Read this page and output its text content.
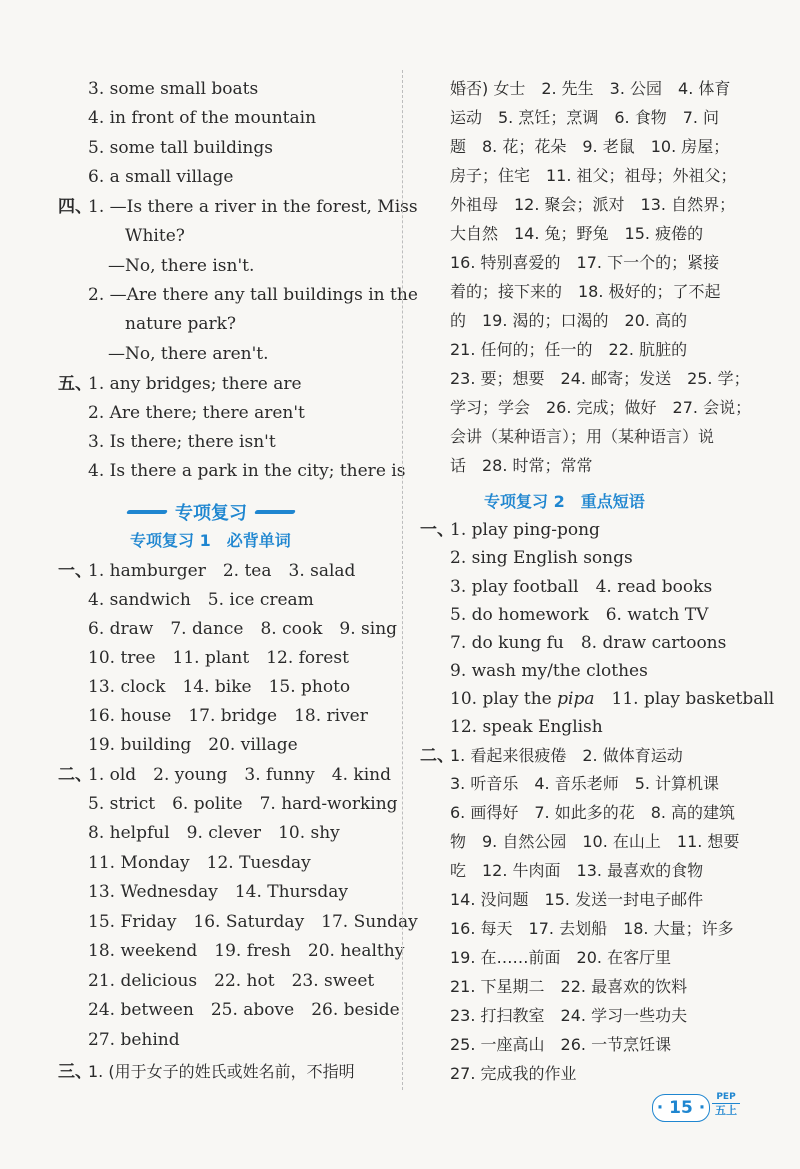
3. some small boats
4. in front of the mountain
5. some tall buildings
6. a small village
四、
1. —Is there a river in the forest, Miss
White?
—No, there isn't.
2. —Are there any tall buildings in the
nature park?
—No, there aren't.
五、
1. any bridges; there are
2. Are there; there aren't
3. Is there; there isn't
4. Is there a park in the city; there is
专项复习
专项复习 1　必背单词
一、
1. hamburger　2. tea　3. salad
4. sandwich　5. ice cream
6. draw　7. dance　8. cook　9. sing
10. tree　11. plant　12. forest
13. clock　14. bike　15. photo
16. house　17. bridge　18. river
19. building　20. village
二、
1. old　2. young　3. funny　4. kind
5. strict　6. polite　7. hard-working
8. helpful　9. clever　10. shy
11. Monday　12. Tuesday
13. Wednesday　14. Thursday
15. Friday　16. Saturday　17. Sunday
18. weekend　19. fresh　20. healthy
21. delicious　22. hot　23. sweet
24. between　25. above　26. beside
27. behind
三、
1. (用于女子的姓氏或姓名前，不指明
婚否) 女士　2. 先生　3. 公园　4. 体育
运动　5. 烹饪；烹调　6. 食物　7. 问
题　8. 花；花朵　9. 老鼠　10. 房屋；
房子；住宅　11. 祖父；祖母；外祖父；
外祖母　12. 聚会；派对　13. 自然界；
大自然　14. 兔；野兔　15. 疲倦的
16. 特别喜爱的　17. 下一个的；紧接
着的；接下来的　18. 极好的；了不起
的　19. 渴的；口渴的　20. 高的
21. 任何的；任一的　22. 肮脏的
23. 要；想要　24. 邮寄；发送　25. 学；
学习；学会　26. 完成；做好　27. 会说；
会讲（某种语言）；用（某种语言）说
话　28. 时常；常常
专项复习 2　重点短语
一、
1. play ping-pong
2. sing English songs
3. play football　4. read books
5. do homework　6. watch TV
7. do kung fu　8. draw cartoons
9. wash my/the clothes
10. play the pipa　11. play basketball
12. speak English
二、
1. 看起来很疲倦　2. 做体育运动
3. 听音乐　4. 音乐老师　5. 计算机课
6. 画得好　7. 如此多的花　8. 高的建筑
物　9. 自然公园　10. 在山上　11. 想要
吃　12. 牛肉面　13. 最喜欢的食物
14. 没问题　15. 发送一封电子邮件
16. 每天　17. 去划船　18. 大量；许多
19. 在……前面　20. 在客厅里
21. 下星期二　22. 最喜欢的饮料
23. 打扫教室　24. 学习一些功夫
25. 一座高山　26. 一节烹饪课
27. 完成我的作业
· 15 ·
PEP
五上
